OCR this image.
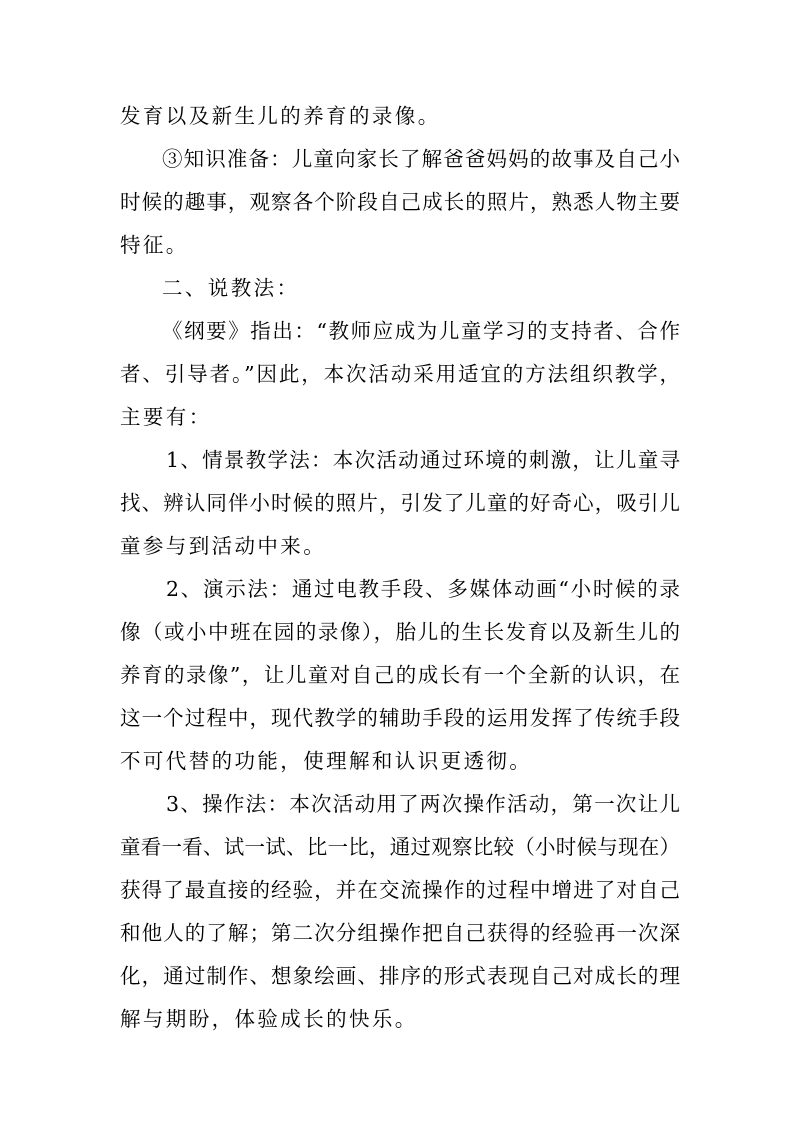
发育以及新生儿的养育的录像。
③知识准备：儿童向家长了解爸爸妈妈的故事及自己小
时候的趣事，观察各个阶段自己成长的照片，熟悉人物主要
特征。
二、说教法：
《纲要》指出：“教师应成为儿童学习的支持者、合作
者、引导者。”因此，本次活动采用适宜的方法组织教学，
主要有：
1、情景教学法：本次活动通过环境的刺激，让儿童寻
找、辨认同伴小时候的照片，引发了儿童的好奇心，吸引儿
童参与到活动中来。
2、演示法：通过电教手段、多媒体动画“小时候的录
像（或小中班在园的录像），胎儿的生长发育以及新生儿的
养育的录像”，让儿童对自己的成长有一个全新的认识，在
这一个过程中，现代教学的辅助手段的运用发挥了传统手段
不可代替的功能，使理解和认识更透彻。
3、操作法：本次活动用了两次操作活动，第一次让儿
童看一看、试一试、比一比，通过观察比较（小时候与现在）
获得了最直接的经验，并在交流操作的过程中增进了对自己
和他人的了解；第二次分组操作把自己获得的经验再一次深
化，通过制作、想象绘画、排序的形式表现自己对成长的理
解与期盼，体验成长的快乐。
